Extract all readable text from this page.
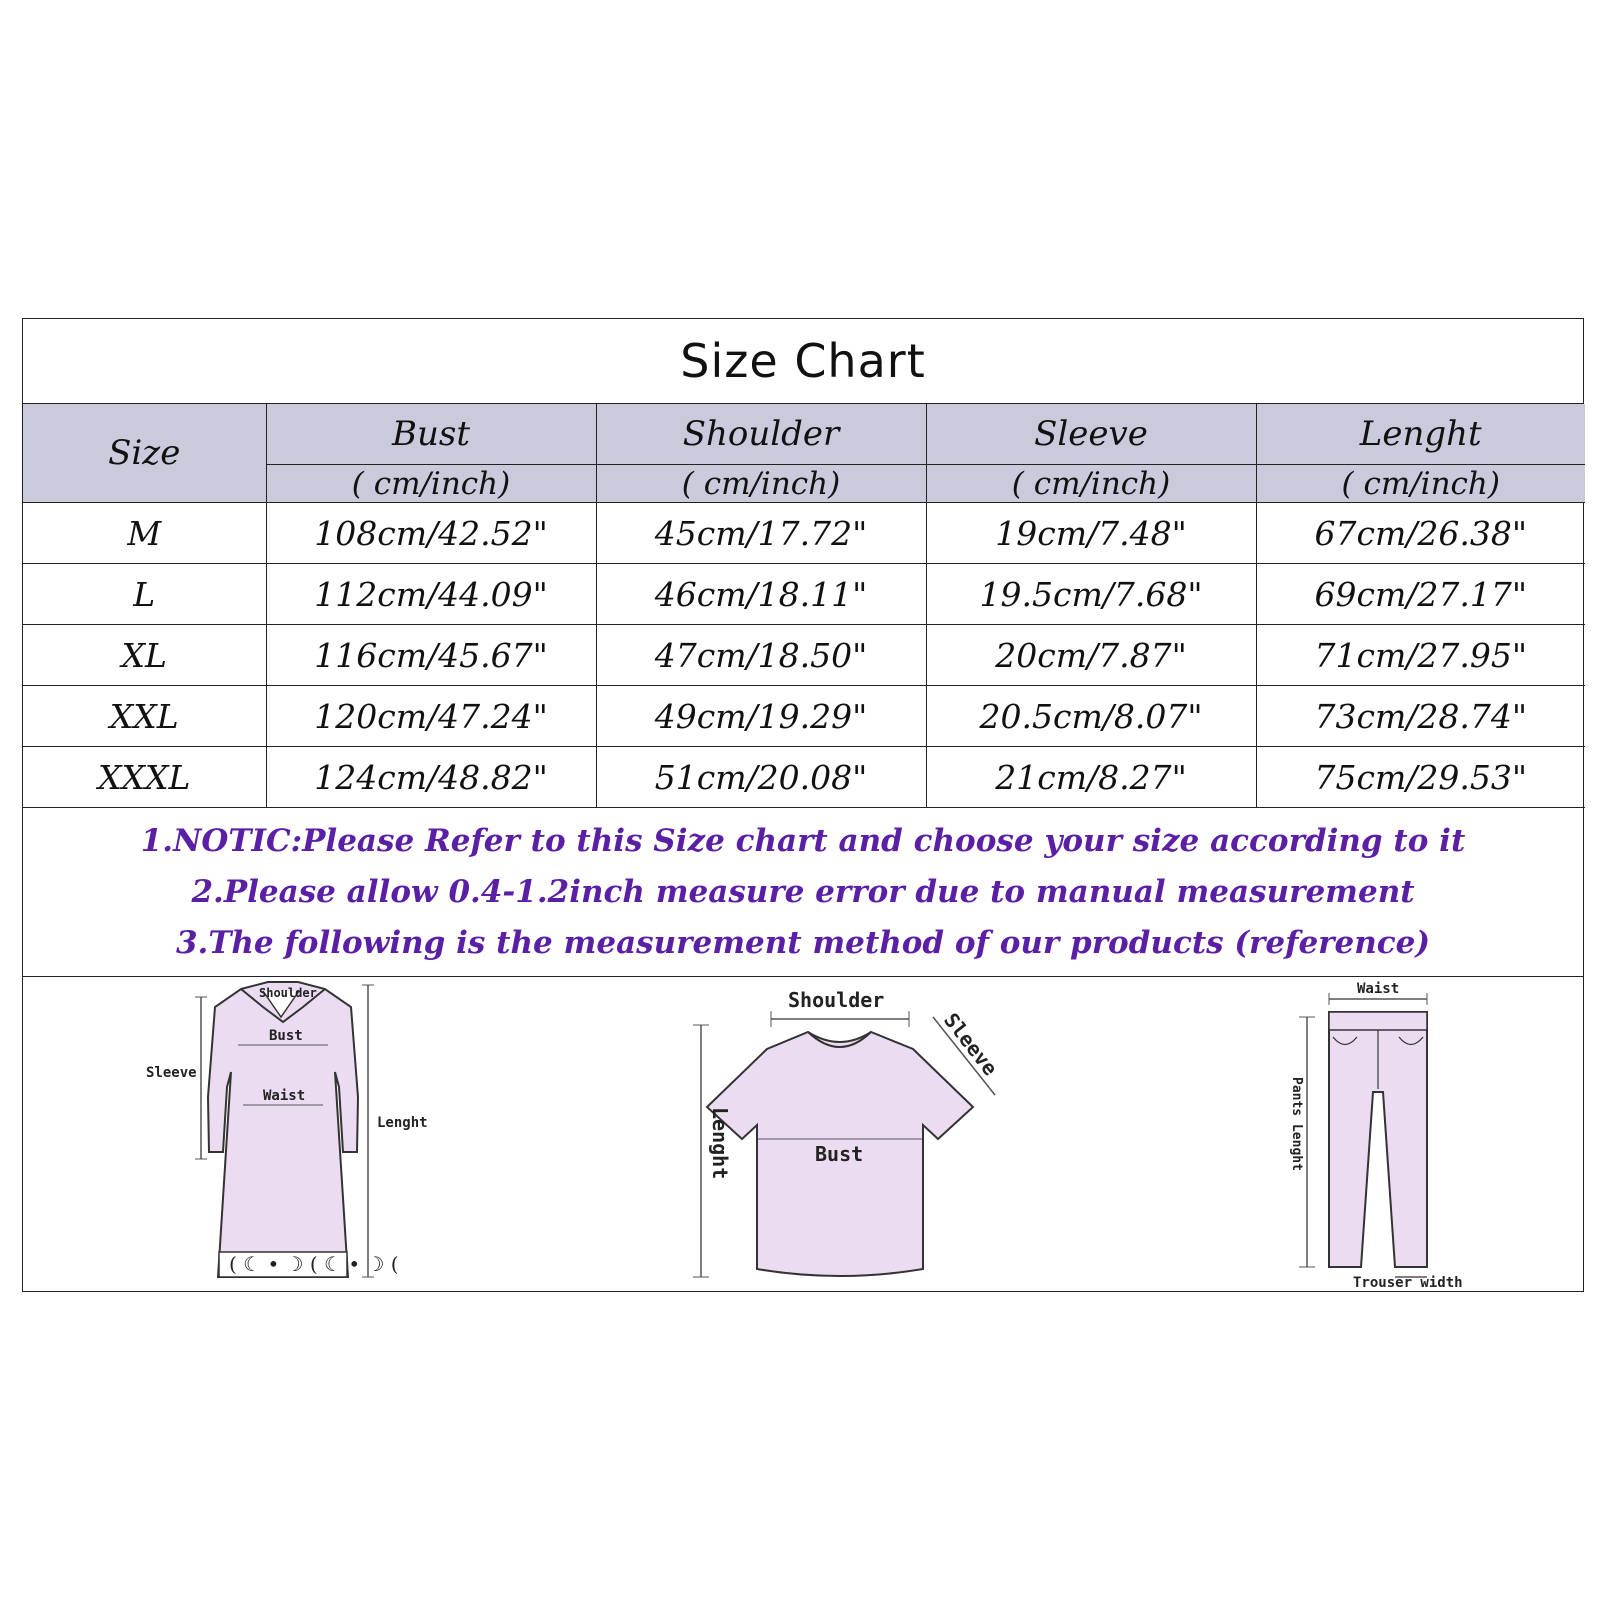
Size Chart
Size	Bust	Shoulder	Sleeve	Lenght
	( cm/inch)	( cm/inch)	( cm/inch)	( cm/inch)
M	108cm/42.52"	45cm/17.72"	19cm/7.48"	67cm/26.38"
L	112cm/44.09"	46cm/18.11"	19.5cm/7.68"	69cm/27.17"
XL	116cm/45.67"	47cm/18.50"	20cm/7.87"	71cm/27.95"
XXL	120cm/47.24"	49cm/19.29"	20.5cm/8.07"	73cm/28.74"
XXXL	124cm/48.82"	51cm/20.08"	21cm/8.27"	75cm/29.53"
1.NOTIC:Please Refer to this Size chart and choose your size according to it
2.Please allow 0.4-1.2inch measure error due to manual measurement
3.The following is the measurement method of our products (reference)
( ☾ • ☽ ( ☾ • ☽ (
Shoulder
Bust
Waist
Sleeve
Lenght
Shoulder
Sleeve
Bust
Lenght
Waist
Pants Lenght
Trouser width
